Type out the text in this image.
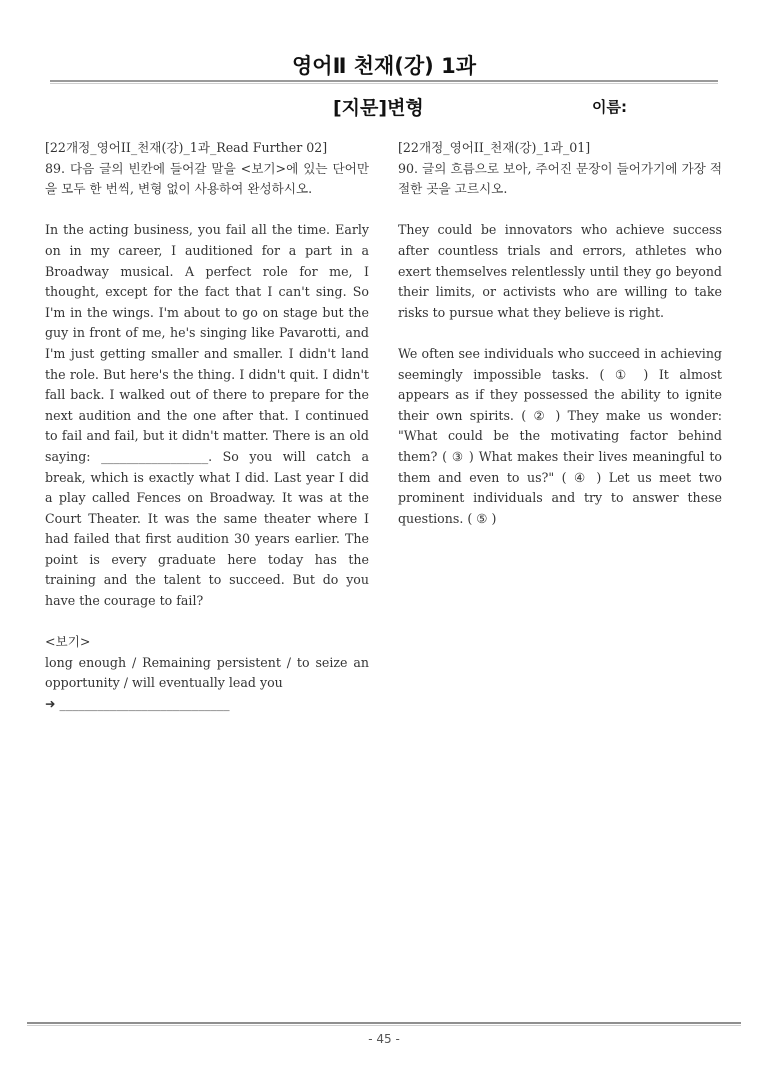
영어Ⅱ 천재(강) 1과
[지문]변형	이름:

[22개정_영어II_천재(강)_1과_Read Further 02]

89. 다음 글의 빈칸에 들어갈 말을 <보기>에 있는 단어만을 모두 한 번씩, 변형 없이 사용하여 완성하시오.

In the acting business, you fail all the time. Early on in my career, I auditioned for a part in a Broadway musical. A perfect role for me, I thought, except for the fact that I can't sing. So I'm in the wings. I'm about to go on stage but the guy in front of me, he's singing like Pavarotti, and I'm just getting smaller and smaller. I didn't land the role. But here's the thing. I didn't quit. I didn't fall back. I walked out of there to prepare for the next audition and the one after that. I continued to fail and fail, but it didn't matter. There is an old saying: _________________. So you will catch a break, which is exactly what I did. Last year I did a play called Fences on Broadway. It was at the Court Theater. It was the same theater where I had failed that first audition 30 years earlier. The point is every graduate here today has the training and the talent to succeed. But do you have the courage to fail?

<보기>

long enough / Remaining persistent / to seize an opportunity / will eventually lead you

➜ ___________________________

[22개정_영어II_천재(강)_1과_01]

90. 글의 흐름으로 보아, 주어진 문장이 들어가기에 가장 적절한 곳을 고르시오.

They could be innovators who achieve success after countless trials and errors, athletes who exert themselves relentlessly until they go beyond their limits, or activists who are willing to take risks to pursue what they believe is right.

We often see individuals who succeed in achieving seemingly impossible tasks. ( ① ) It almost appears as if they possessed the ability to ignite their own spirits. ( ② ) They make us wonder: "What could be the motivating factor behind them? ( ③ ) What makes their lives meaningful to them and even to us?" ( ④ ) Let us meet two prominent individuals and try to answer these questions. ( ⑤ )

- 45 -
